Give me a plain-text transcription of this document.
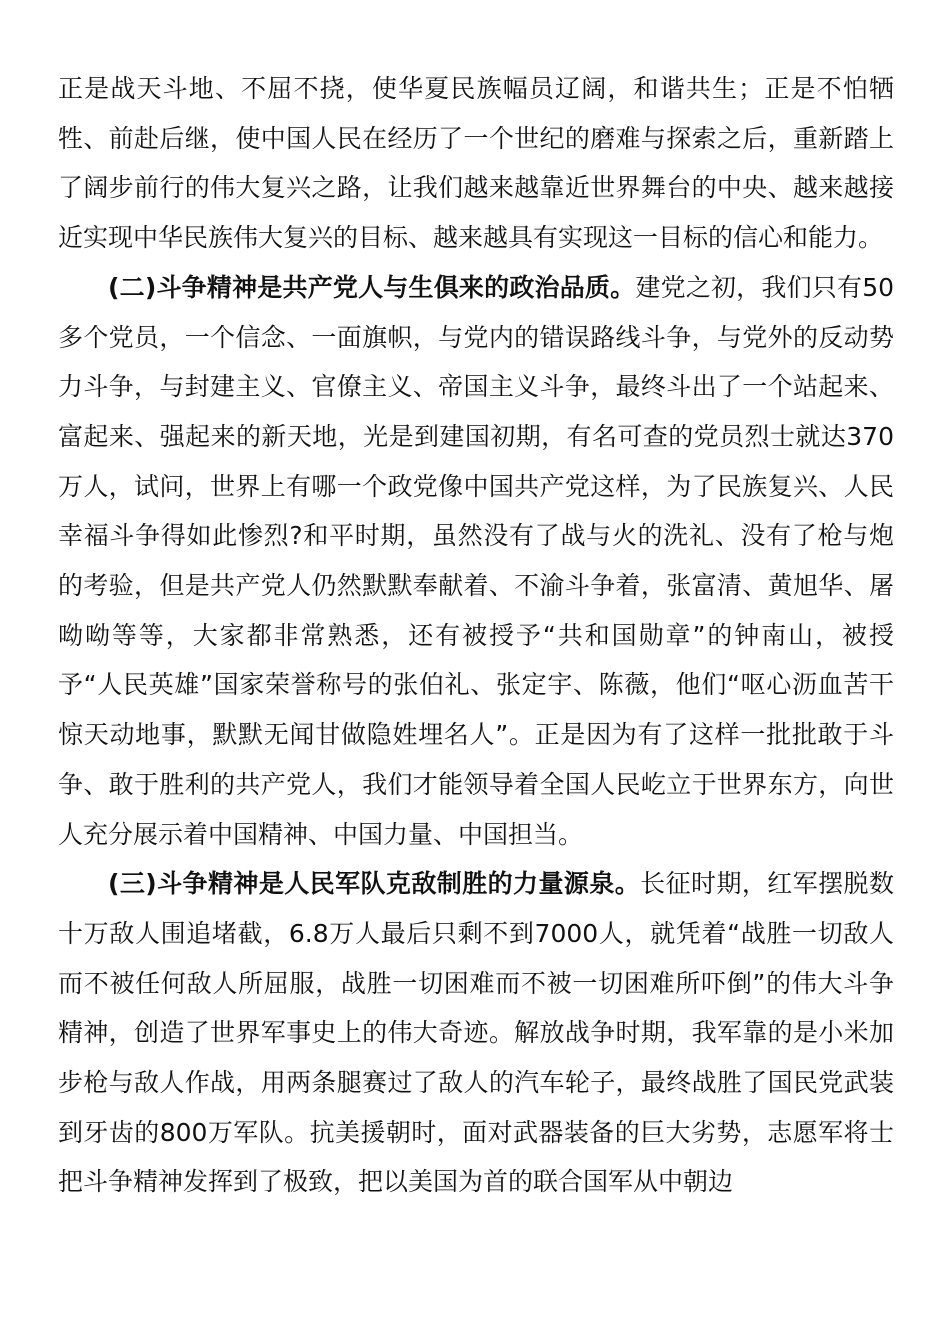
正是战天斗地、不屈不挠，使华夏民族幅员辽阔，和谐共生；正是不怕牺牲、前赴后继，使中国人民在经历了一个世纪的磨难与探索之后，重新踏上了阔步前行的伟大复兴之路，让我们越来越靠近世界舞台的中央、越来越接近实现中华民族伟大复兴的目标、越来越具有实现这一目标的信心和能力。

(二)斗争精神是共产党人与生俱来的政治品质。建党之初，我们只有50多个党员，一个信念、一面旗帜，与党内的错误路线斗争，与党外的反动势力斗争，与封建主义、官僚主义、帝国主义斗争，最终斗出了一个站起来、富起来、强起来的新天地，光是到建国初期，有名可查的党员烈士就达370万人，试问，世界上有哪一个政党像中国共产党这样，为了民族复兴、人民幸福斗争得如此惨烈?和平时期，虽然没有了战与火的洗礼、没有了枪与炮的考验，但是共产党人仍然默默奉献着、不渝斗争着，张富清、黄旭华、屠呦呦等等，大家都非常熟悉，还有被授予“共和国勋章”的钟南山，被授予“人民英雄”国家荣誉称号的张伯礼、张定宇、陈薇，他们“呕心沥血苦干惊天动地事，默默无闻甘做隐姓埋名人”。正是因为有了这样一批批敢于斗争、敢于胜利的共产党人，我们才能领导着全国人民屹立于世界东方，向世人充分展示着中国精神、中国力量、中国担当。

(三)斗争精神是人民军队克敌制胜的力量源泉。长征时期，红军摆脱数十万敌人围追堵截，6.8万人最后只剩不到7000人，就凭着“战胜一切敌人而不被任何敌人所屈服，战胜一切困难而不被一切困难所吓倒”的伟大斗争精神，创造了世界军事史上的伟大奇迹。解放战争时期，我军靠的是小米加步枪与敌人作战，用两条腿赛过了敌人的汽车轮子，最终战胜了国民党武装到牙齿的800万军队。抗美援朝时，面对武器装备的巨大劣势，志愿军将士把斗争精神发挥到了极致，把以美国为首的联合国军从中朝边
